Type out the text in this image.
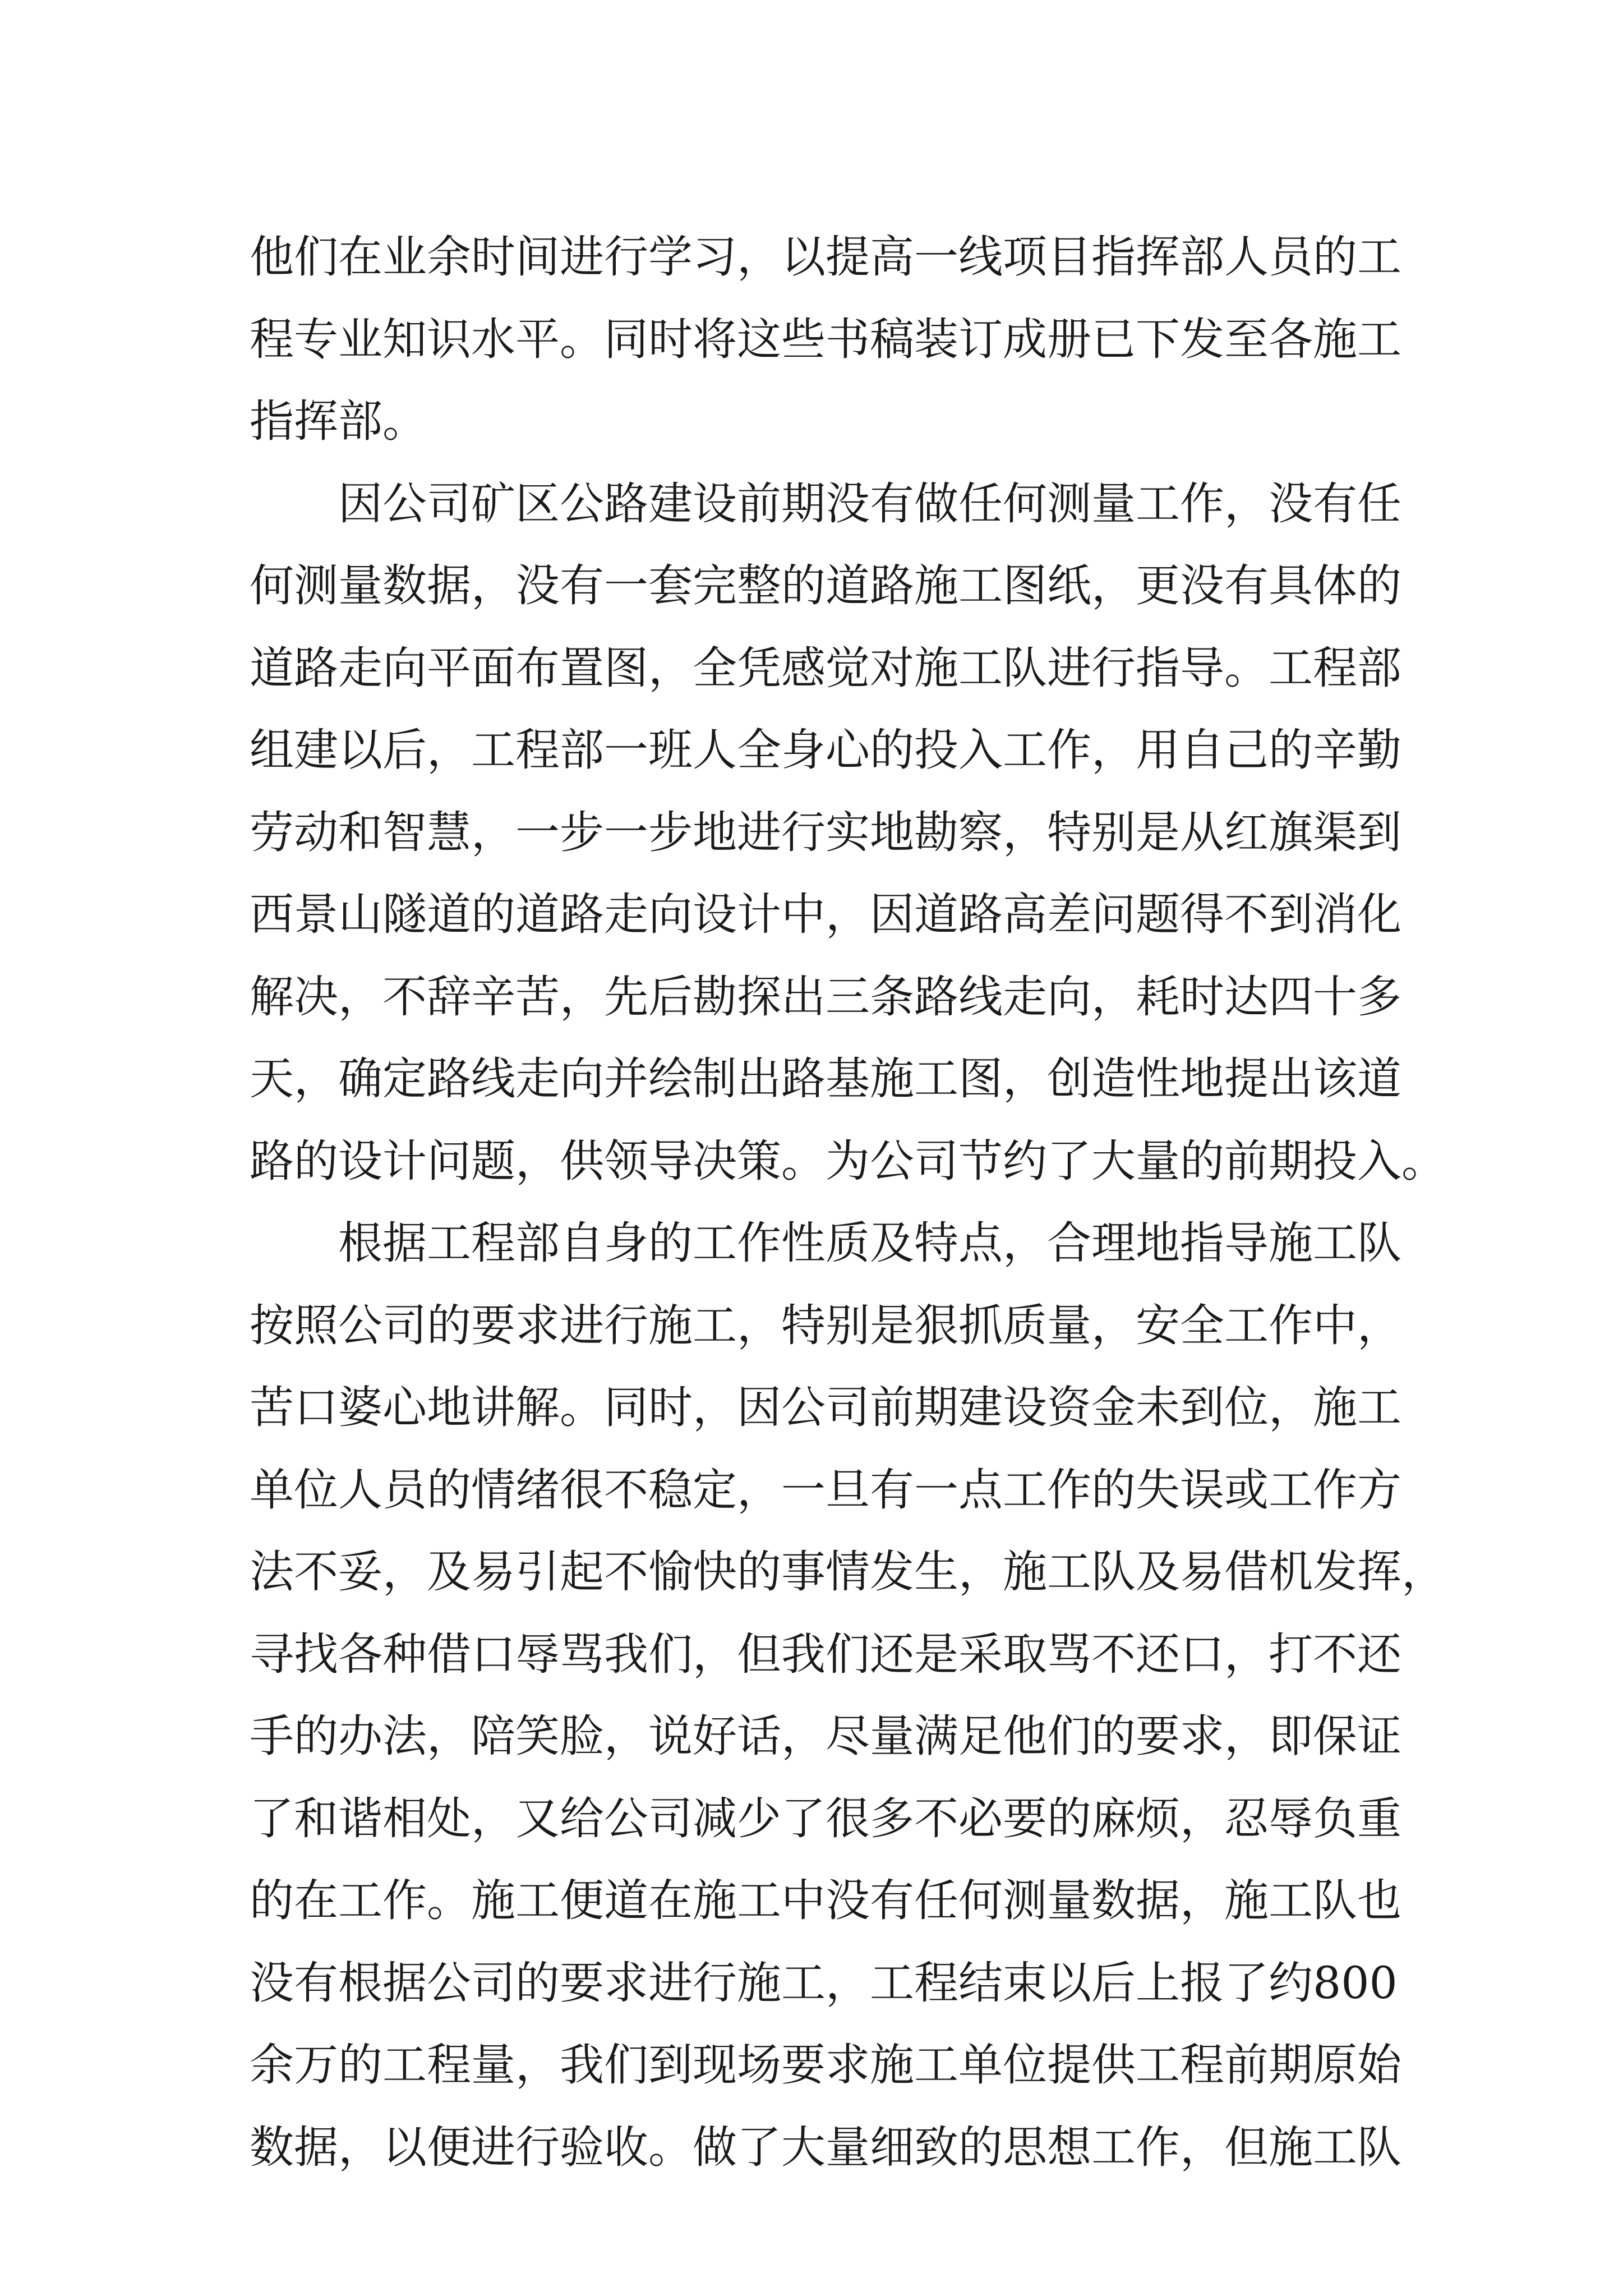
他们在业余时间进行学习，以提高一线项目指挥部人员的工
程专业知识水平。同时将这些书稿装订成册已下发至各施工
指挥部。
因公司矿区公路建设前期没有做任何测量工作，没有任
何测量数据，没有一套完整的道路施工图纸，更没有具体的
道路走向平面布置图，全凭感觉对施工队进行指导。工程部
组建以后，工程部一班人全身心的投入工作，用自己的辛勤
劳动和智慧，一步一步地进行实地勘察，特别是从红旗渠到
西景山隧道的道路走向设计中，因道路高差问题得不到消化
解决，不辞辛苦，先后勘探出三条路线走向，耗时达四十多
天，确定路线走向并绘制出路基施工图，创造性地提出该道
路的设计问题，供领导决策。为公司节约了大量的前期投入。
根据工程部自身的工作性质及特点，合理地指导施工队
按照公司的要求进行施工，特别是狠抓质量，安全工作中，
苦口婆心地讲解。同时，因公司前期建设资金未到位，施工
单位人员的情绪很不稳定，一旦有一点工作的失误或工作方
法不妥，及易引起不愉快的事情发生，施工队及易借机发挥，
寻找各种借口辱骂我们，但我们还是采取骂不还口，打不还
手的办法，陪笑脸，说好话，尽量满足他们的要求，即保证
了和谐相处，又给公司减少了很多不必要的麻烦，忍辱负重
的在工作。施工便道在施工中没有任何测量数据，施工队也
没有根据公司的要求进行施工，工程结束以后上报了约800
余万的工程量，我们到现场要求施工单位提供工程前期原始
数据，以便进行验收。做了大量细致的思想工作，但施工队
